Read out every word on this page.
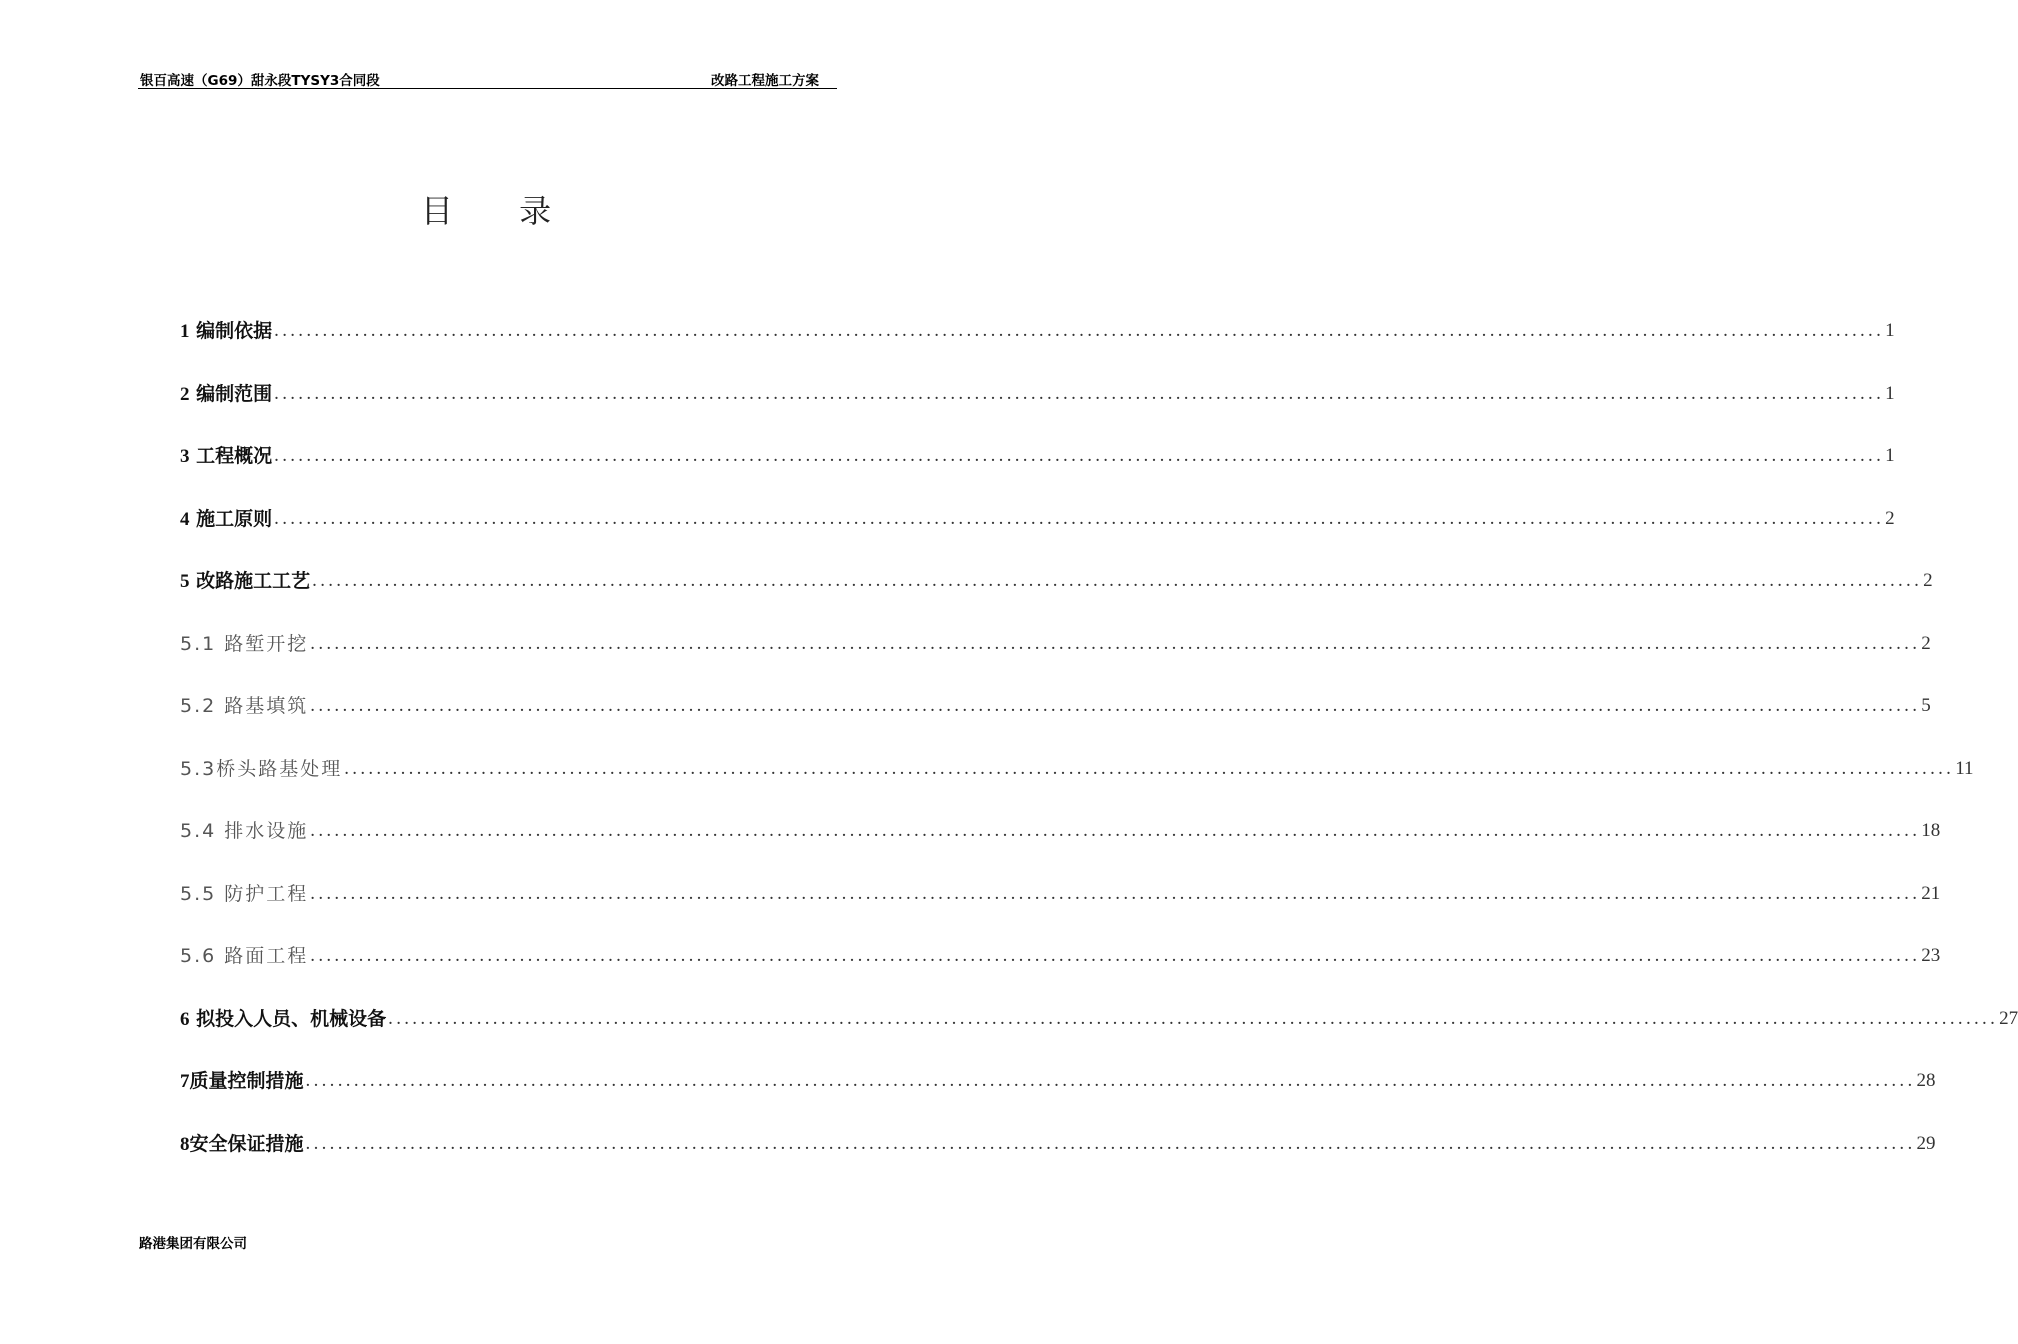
银百高速（G69）甜永段TYSY3合同段	改路工程施工方案
目 录
1 编制依据 ........................................................................................................................................................................................................ 1
2 编制范围 ........................................................................................................................................................................................................ 1
3 工程概况 ........................................................................................................................................................................................................ 1
4 施工原则 ........................................................................................................................................................................................................ 2
5 改路施工工艺 ........................................................................................................................................................................................................ 2
5.1 路堑开挖 ........................................................................................................................................................................................................ 2
5.2 路基填筑 ........................................................................................................................................................................................................ 5
5.3桥头路基处理 ........................................................................................................................................................................................................ 11
5.4 排水设施 ........................................................................................................................................................................................................ 18
5.5 防护工程 ........................................................................................................................................................................................................ 21
5.6 路面工程 ........................................................................................................................................................................................................ 23
6 拟投入人员、机械设备 ........................................................................................................................................................................................................ 27
7质量控制措施 ........................................................................................................................................................................................................ 28
8安全保证措施 ........................................................................................................................................................................................................ 29
路港集团有限公司
